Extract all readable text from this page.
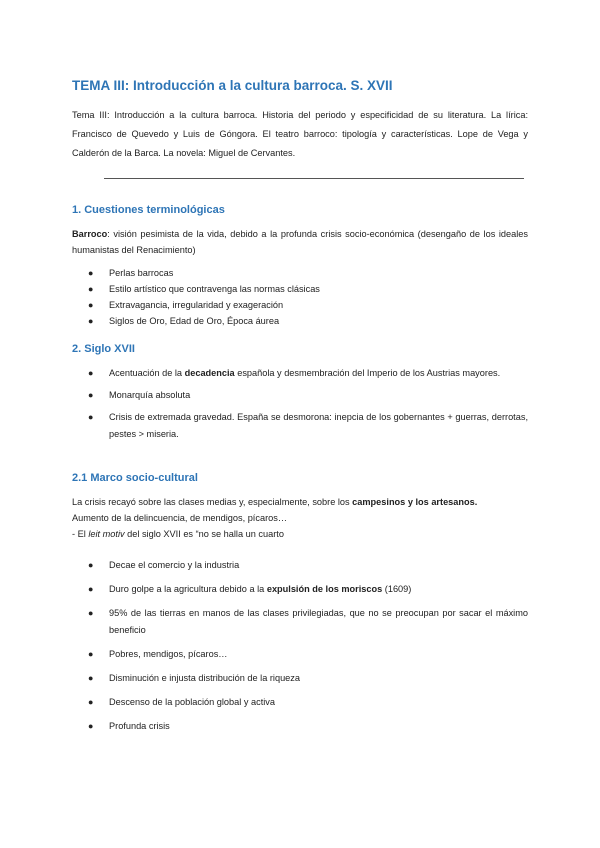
TEMA III: Introducción a la cultura barroca. S. XVII

Tema III: Introducción a la cultura barroca. Historia del periodo y especificidad de su literatura. La lírica: Francisco de Quevedo y Luis de Góngora. El teatro barroco: tipología y características. Lope de Vega y Calderón de la Barca. La novela: Miguel de Cervantes.

1. Cuestiones terminológicas

Barroco: visión pesimista de la vida, debido a la profunda crisis socio-económica (desengaño de los ideales humanistas del Renacimiento)

● Perlas barrocas
● Estilo artístico que contravenga las normas clásicas
● Extravagancia, irregularidad y exageración
● Siglos de Oro, Edad de Oro, Época áurea
2. Siglo XVII
● Acentuación de la decadencia española y desmembración del Imperio de los Austrias mayores.
● Monarquía absoluta
● Crisis de extremada gravedad. España se desmorona: inepcia de los gobernantes + guerras, derrotas, pestes > miseria.
2.1 Marco socio-cultural

La crisis recayó sobre las clases medias y, especialmente, sobre los campesinos y los artesanos.
Aumento de la delincuencia, de mendigos, pícaros…
- El leit motiv del siglo XVII es “no se halla un cuarto

● Decae el comercio y la industria
● Duro golpe a la agricultura debido a la expulsión de los moriscos (1609)
● 95% de las tierras en manos de las clases privilegiadas, que no se preocupan por sacar el máximo beneficio
● Pobres, mendigos, pícaros…
● Disminución e injusta distribución de la riqueza
● Descenso de la población global y activa
● Profunda crisis
